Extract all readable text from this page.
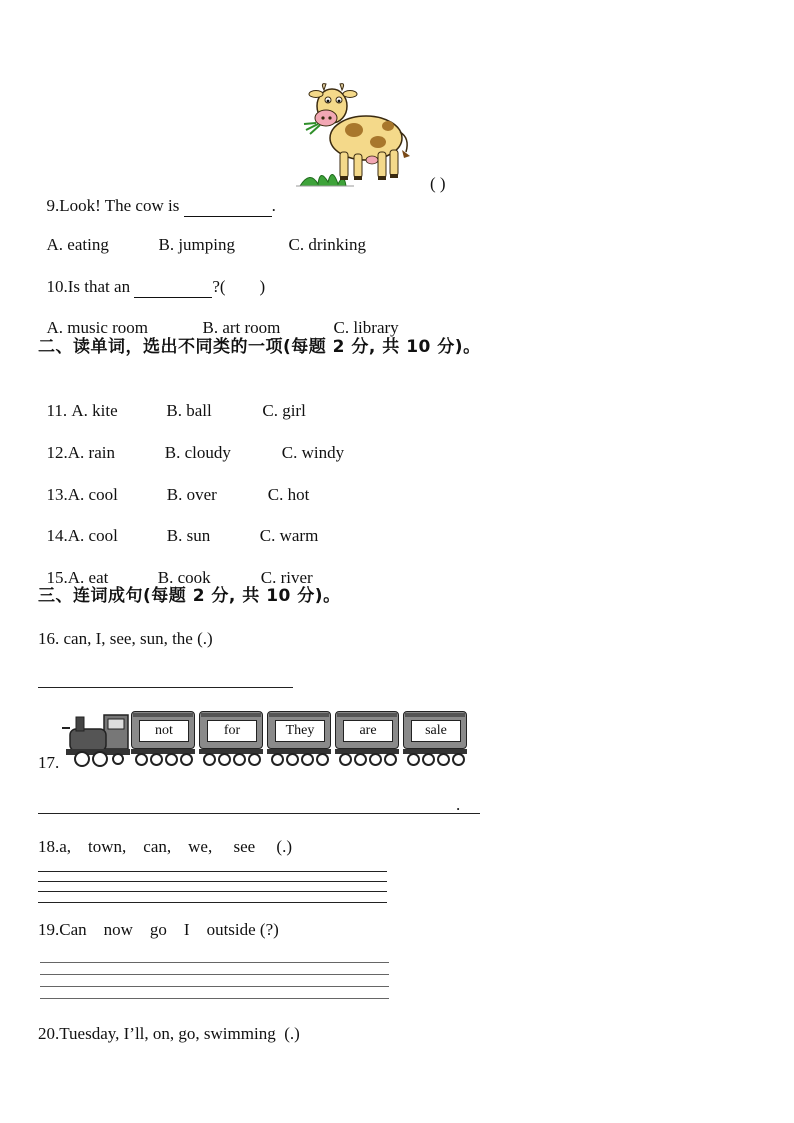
9.Look! The cow is	.

( )

A. eating	B. jumping	C. drinking

10.Is that an	?(        )

A. music room	B. art room	C. library

二、读单词，选出不同类的一项(每题 2 分, 共 10 分)。

11. A. kite	B. ball	C. girl

12.A. rain	B. cloudy	C. windy

13.A. cool	B. over	C. hot

14.A. cool	B. sun	C. warm

15.A. eat	B. cook	C. river

三、连词成句(每题 2 分, 共 10 分)。
16. can, I, see, sun, the (.)
17.
not	for	They	are	sale
.
18.a,    town,    can,    we,     see     (.)
19.Can    now    go    I    outside (?)
20.Tuesday, I’ll, on, go, swimming  (.)
